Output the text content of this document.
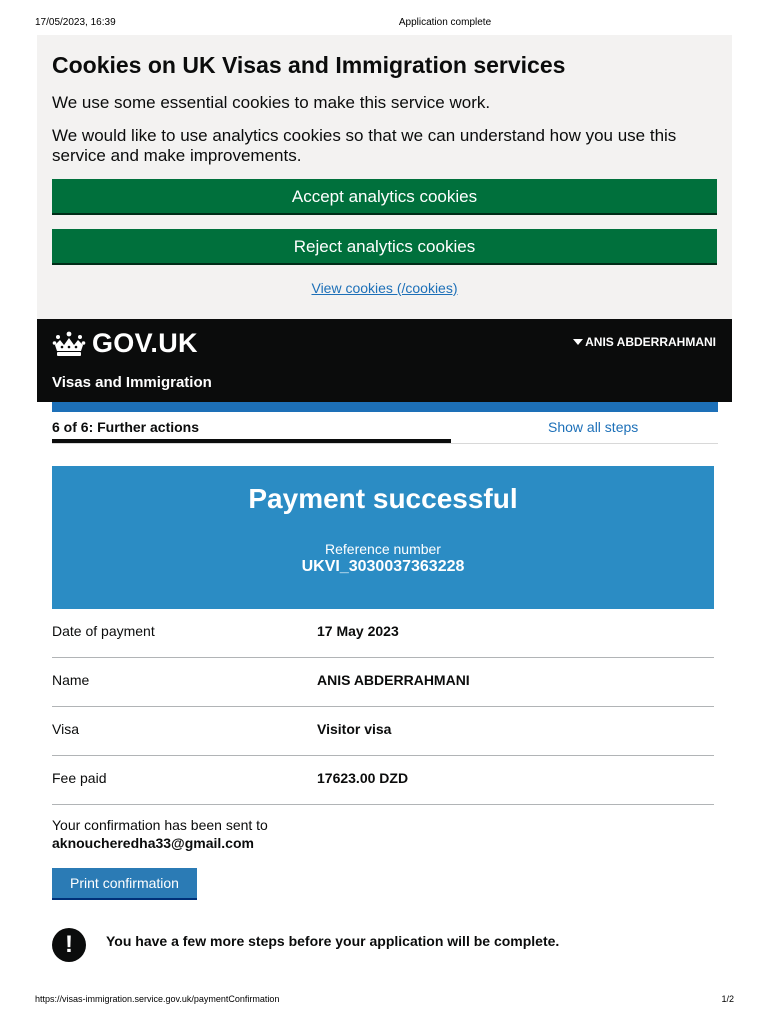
17/05/2023, 16:39	Application complete
Cookies on UK Visas and Immigration services

We use some essential cookies to make this service work.

We would like to use analytics cookies so that we can understand how you use this service and make improvements.

Accept analytics cookies
Reject analytics cookies
View cookies (/cookies)
GOV.UK
Visas and Immigration
ANIS ABDERRAHMANI
6 of 6: Further actions	Show all steps
Payment successful
Reference number
UKVI_3030037363228
Date of payment	17 May 2023
Name	ANIS ABDERRAHMANI
Visa	Visitor visa
Fee paid	17623.00 DZD
Your confirmation has been sent to
aknoucheredha33@gmail.com
Print confirmation
!	You have a few more steps before your application will be complete.
https://visas-immigration.service.gov.uk/paymentConfirmation	1/2
